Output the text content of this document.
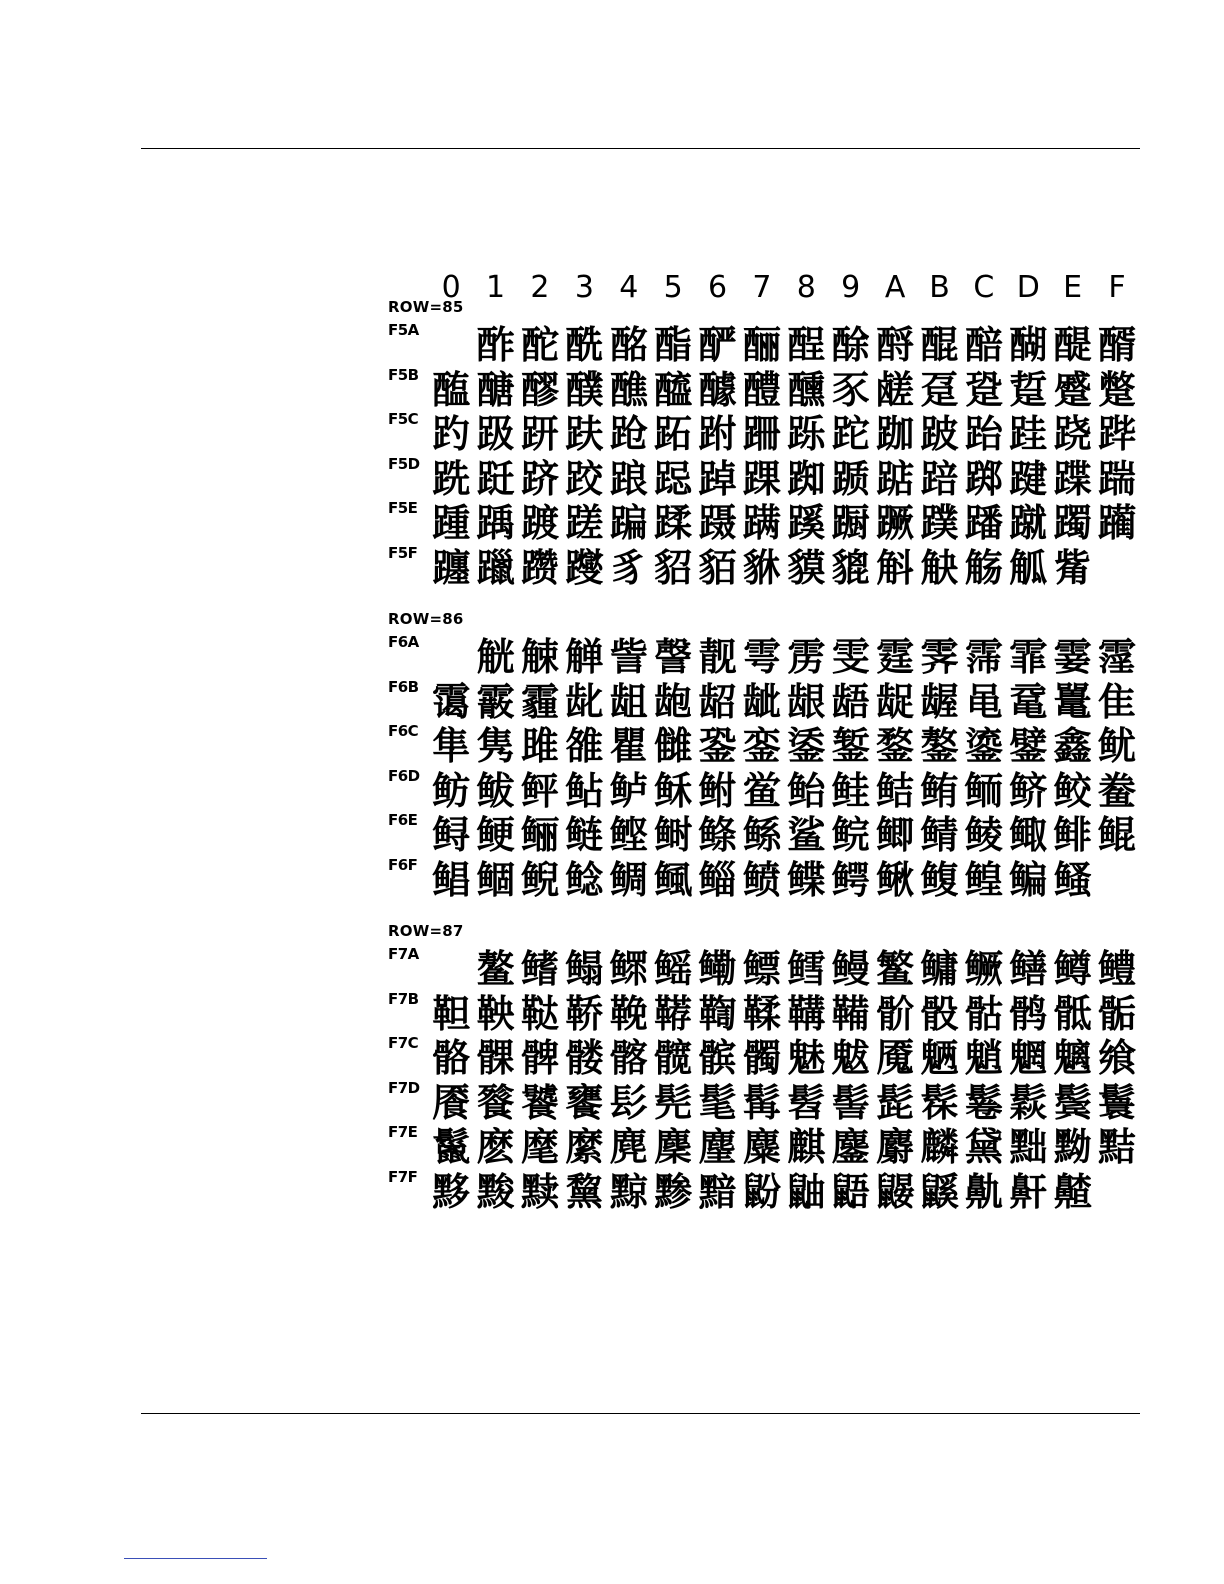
0 1 2 3 4 5 6 7 8 9 A B C D E F
ROW=85
F5A 酢 酡 酰 酩 酯 酽 酾 酲 酴 酹 醌 醅 醐 醍 醑
F5B 醢 醣 醪 醭 醮 醯 醵 醴 醺 豕 鹾 趸 跫 踅 蹙 蹩
F5C 趵 趿 趼 趺 跄 跖 跗 跚 跞 跎 跏 跛 跆 跬 跷 跸
F5D 跣 跹 跻 跤 踉 跽 踔 踝 踟 踬 踮 踣 踯 踺 蹀 踹
F5E 踵 踽 踱 蹉 蹁 蹂 蹑 蹒 蹊 蹰 蹶 蹼 蹯 蹴 躅 躏
F5F 躔 躐 躜 躞 豸 貂 貊 貅 貘 貔 斛 觖 觞 觚 觜
ROW=86
F6A 觥 觫 觯 訾 謦 靓 雩 雳 雯 霆 霁 霈 霏 霎 霪
F6B 霭 霰 霾 龀 龃 龅 龆 龇 龈 龉 龊 龌 黾 鼋 鼍 隹
F6C 隼 隽 雎 雒 瞿 雠 銎 銮 鋈 錾 鍪 鏊 鎏 鐾 鑫 鱿
F6D 鲂 鲅 鲆 鲇 鲈 稣 鲋 鲎 鲐 鲑 鲒 鲔 鲕 鲚 鲛 鲞
F6E 鲟 鲠 鲡 鲢 鲣 鲥 鲦 鲧 鲨 鲩 鲫 鲭 鲮 鲰 鲱 鲲
F6F 鲳 鲴 鲵 鲶 鲷 鲺 鲻 鲼 鲽 鳄 鳅 鳆 鳇 鳊 鳋
ROW=87
F7A 鳌 鳍 鳎 鳏 鳐 鳓 鳔 鳕 鳗 鳘 鳙 鳜 鳝 鳟 鳢
F7B 靼 鞅 鞑 鞒 鞔 鞯 鞫 鞣 鞲 鞴 骱 骰 骷 鹘 骶 骺
F7C 骼 髁 髀 髅 髂 髋 髌 髑 魅 魃 魇 魉 魈 魍 魑 飨
F7D 餍 餮 饕 饔 髟 髡 髦 髯 髫 髻 髭 髹 鬈 鬏 鬓 鬟
F7E 鬣 麽 麾 縻 麂 麇 麈 麋 麒 鏖 麝 麟 黛 黜 黝 黠
F7F 黟 黢 黩 黧 黥 黪 黯 鼢 鼬 鼯 鼹 鼷 鼽 鼾 齄
